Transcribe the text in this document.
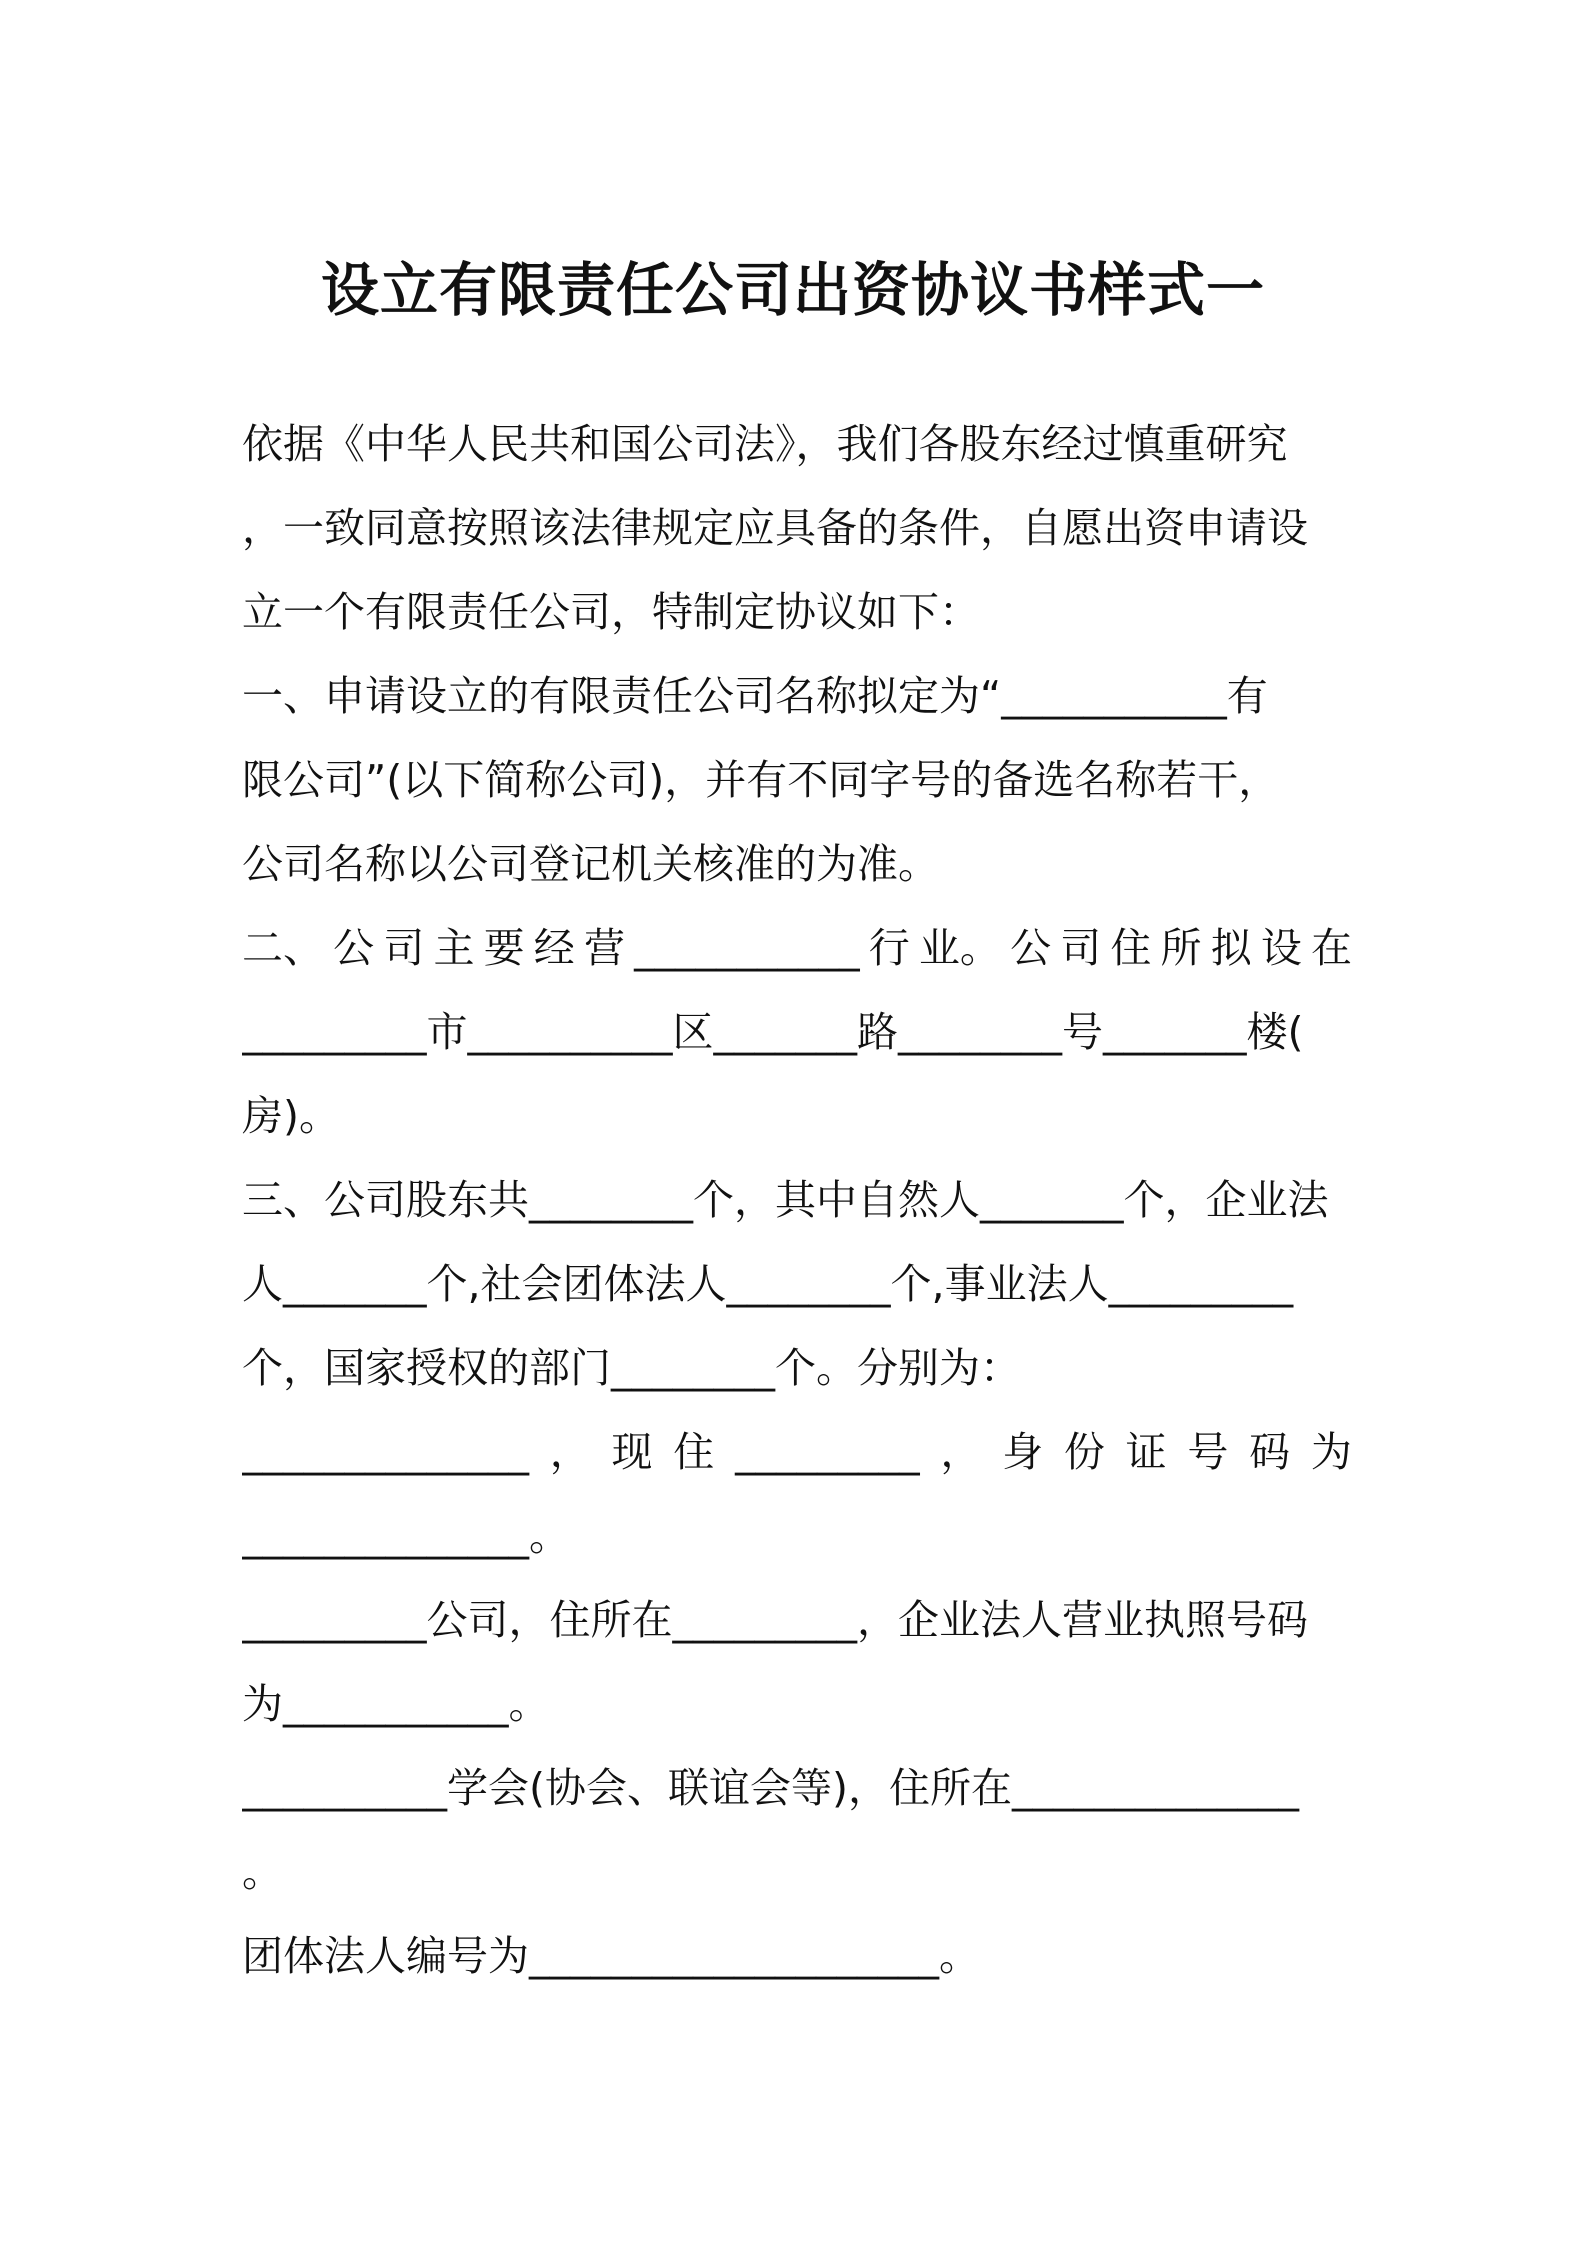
设立有限责任公司出资协议书样式一
依据《中华人民共和国公司法》，我们各股东经过慎重研究
，一致同意按照该法律规定应具备的条件，自愿出资申请设
立一个有限责任公司，特制定协议如下：
一、申请设立的有限责任公司名称拟定为“___________有
限公司”(以下简称公司)，并有不同字号的备选名称若干，
公司名称以公司登记机关核准的为准。
二、 公 司 主 要 经 营 ___________ 行 业。 公 司 住 所 拟 设 在
_________市__________区_______路________号_______楼(
房)。
三、公司股东共________个，其中自然人_______个，企业法
人_______个,社会团体法人________个,事业法人_________
个，国家授权的部门________个。分别为：
______________ ， 现 住 _________ ， 身 份 证 号 码 为
______________。
_________公司，住所在_________，企业法人营业执照号码
为___________。
__________学会(协会、联谊会等)，住所在______________
。
团体法人编号为____________________。
